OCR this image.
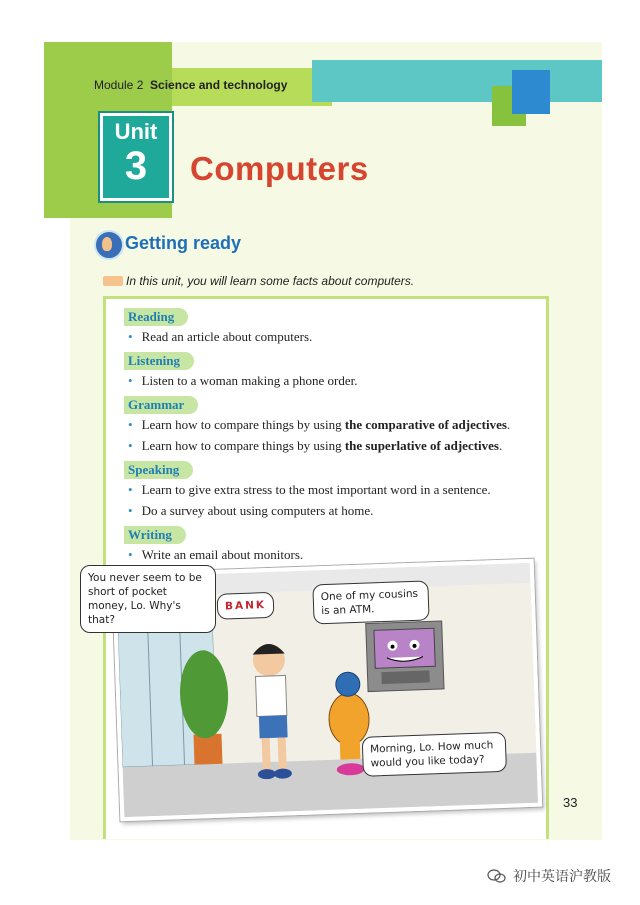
Module 2 Science and technology
Unit
3	Computers
Getting ready
In this unit, you will learn some facts about computers.
Reading
• Read an article about computers.
Listening
• Listen to a woman making a phone order.
Grammar
• Learn how to compare things by using the comparative of adjectives.
• Learn how to compare things by using the superlative of adjectives.
Speaking
• Learn to give extra stress to the most important word in a sentence.
• Do a survey about using computers at home.
Writing
• Write an email about monitors.
BANK
One of my cousins is an ATM.
Morning, Lo. How much would you like today?
You never seem to be short of pocket money, Lo. Why's that?
33
初中英语沪教版
